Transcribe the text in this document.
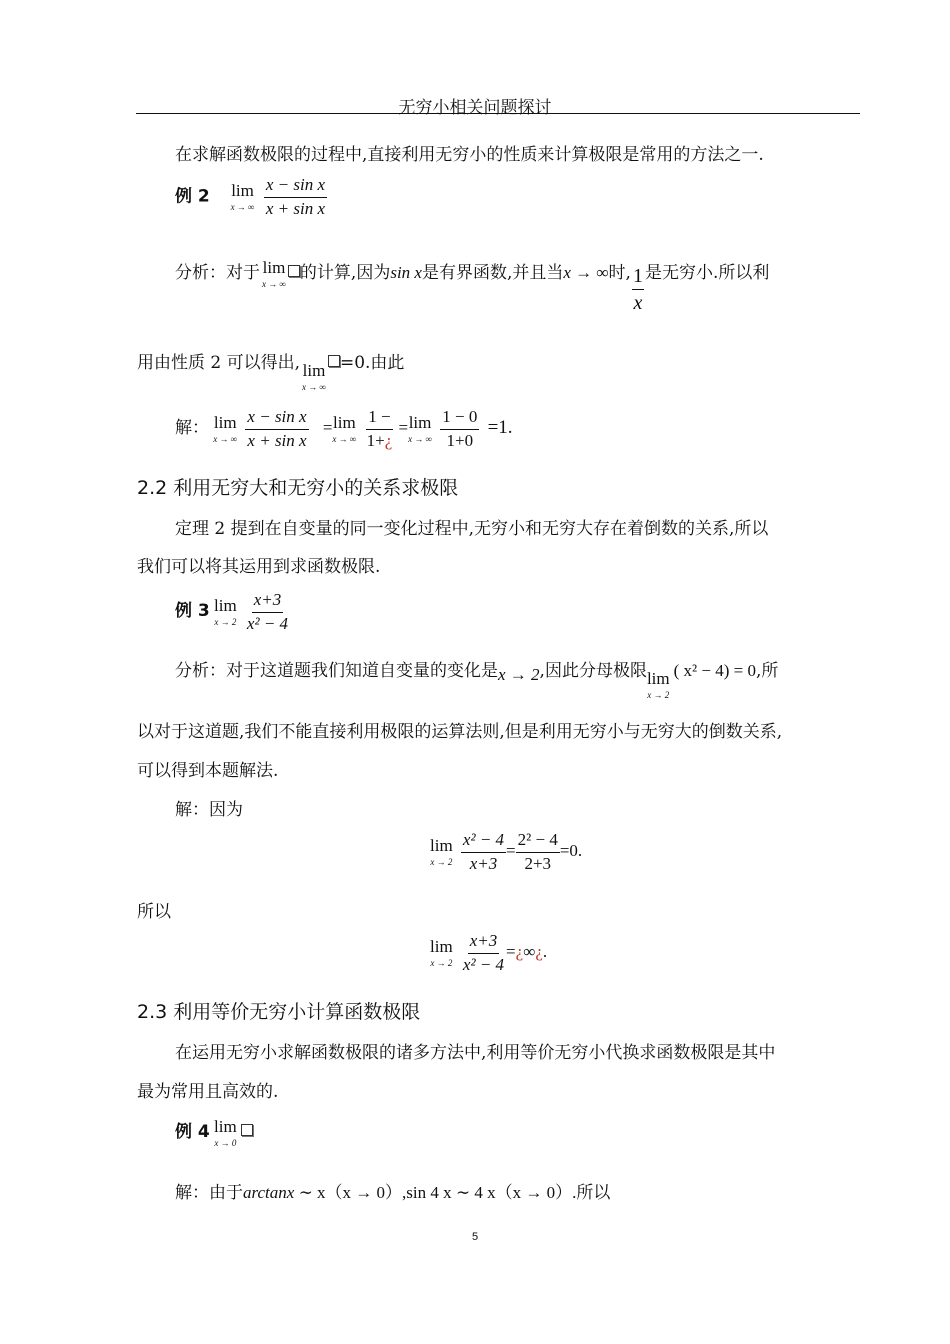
无穷小相关问题探讨
在求解函数极限的过程中,直接利用无穷小的性质来计算极限是常用的方法之一.
例 2 lim
x → ∞
$\frac{\text{x − sin x}}{\text{x + sin x}}$
分析：对于 lim
x → ∞
的计算,因为sin x是有界函数,并且当x → ∞时, $\frac{1}{x}$ 是无穷小.所以利
用由性质 2 可以得出, lim
x → ∞
=0.由此
解： lim
x → ∞
$\frac{\text{x − sin x}}{\text{x + sin x}} = \lim$
x → ∞
$\frac{1 -}{1+¿} = \lim$
x → ∞
$\frac{1 - 0}{1+0} =1$.
2.2 利用无穷大和无穷小的关系求极限
定理 2 提到在自变量的同一变化过程中,无穷小和无穷大存在着倒数的关系,所以
我们可以将其运用到求函数极限.
例 3 lim
x → 2
$\frac{x+3}{\text{x² − 4}}$
分析：对于这道题我们知道自变量的变化是x → 2,因此分母极限 lim
x → 2
( x² − 4) = 0,所
以对于这道题,我们不能直接利用极限的运算法则,但是利用无穷小与无穷大的倒数关系,
可以得到本题解法.
解：因为
lim
x → 2
$\frac{\text{x² − 4}}{x+3} = \frac{\text{2² − 4}}{2+3} =0$.
所以
lim
x → 2
$\frac{x+3}{\text{x² − 4}}$ =¿∞¿.
2.3 利用等价无穷小计算函数极限
在运用无穷小求解函数极限的诸多方法中,利用等价无穷小代换求函数极限是其中
最为常用且高效的.
例 4 lim
x → 0
解：由于arctanx ∼ x（x → 0）,sin 4 x ∼ 4 x（x → 0）.所以
5
